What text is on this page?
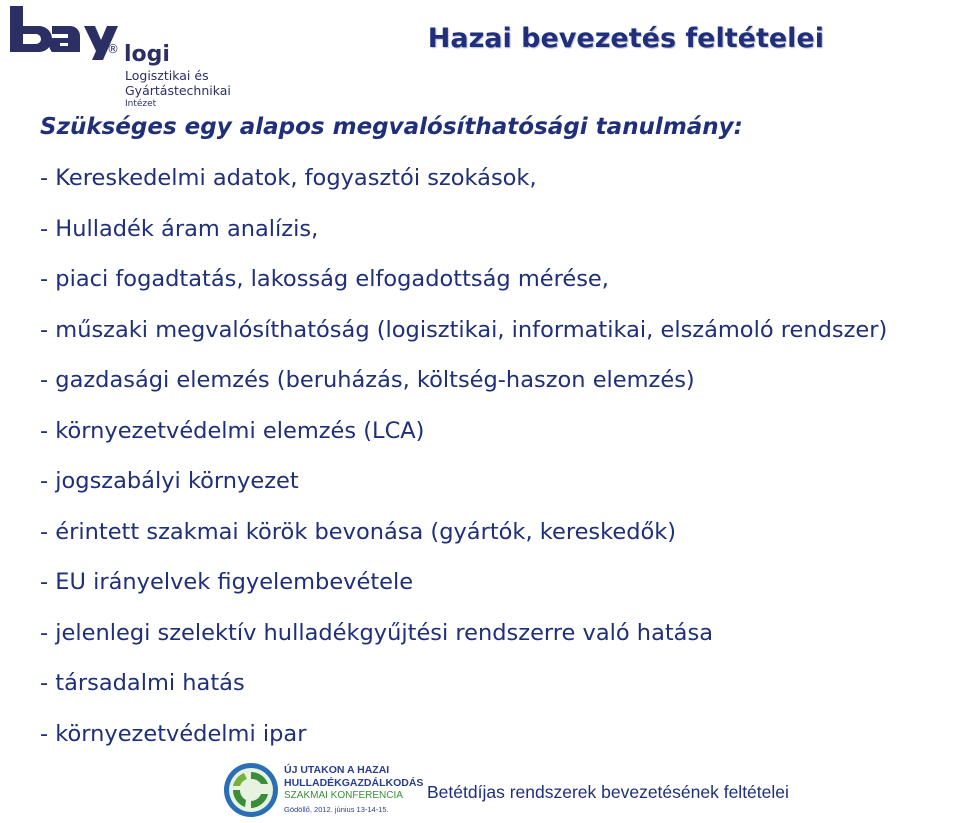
® logi
Logisztikai és
Gyártástechnikai
Intézet
Hazai bevezetés feltételei
Szükséges egy alapos megvalósíthatósági tanulmány:
- Kereskedelmi adatok, fogyasztói szokások,
- Hulladék áram analízis,
- piaci fogadtatás, lakosság elfogadottság mérése,
- műszaki megvalósíthatóság (logisztikai, informatikai, elszámoló rendszer)
- gazdasági elemzés (beruházás, költség-haszon elemzés)
- környezetvédelmi elemzés (LCA)
- jogszabályi környezet
- érintett szakmai körök bevonása (gyártók, kereskedők)
- EU irányelvek figyelembevétele
- jelenlegi szelektív hulladékgyűjtési rendszerre való hatása
- társadalmi hatás
- környezetvédelmi ipar
ÚJ UTAKON A HAZAI
HULLADÉKGAZDÁLKODÁS
SZAKMAI KONFERENCIA
Gödöllő, 2012. június 13-14-15.

Betétdíjas rendszerek bevezetésének feltételei
